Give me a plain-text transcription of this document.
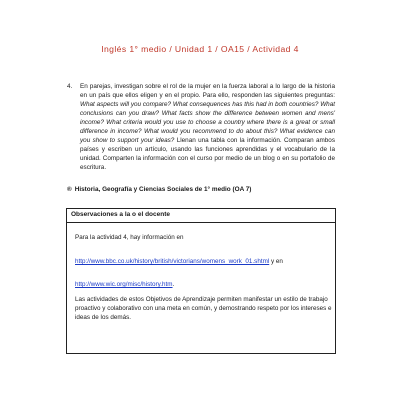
Inglés 1° medio / Unidad 1 / OA15 / Actividad 4
4. En parejas, investigan sobre el rol de la mujer en la fuerza laboral a lo largo de la historia en un país que ellos eligen y en el propio. Para ello, responden las siguientes preguntas: What aspects will you compare? What consequences has this had in both countries? What conclusions can you draw? What facts show the difference between women and mens' income? What criteria would you use to choose a country where there is a great or small difference in income? What would you recommend to do about this? What evidence can you show to support your ideas? Llenan una tabla con la información. Comparan ambos países y escriben un artículo, usando las funciones aprendidas y el vocabulario de la unidad. Comparten la información con el curso por medio de un blog o en su portafolio de escritura.
® Historia, Geografía y Ciencias Sociales de 1° medio (OA 7)
Observaciones a la o el docente
Para la actividad 4, hay información en
http://www.bbc.co.uk/history/british/victorians/womens_work_01.shtml y en
http://www.wic.org/misc/history.htm.
Las actividades de estos Objetivos de Aprendizaje permiten manifestar un estilo de trabajo proactivo y colaborativo con una meta en común, y demostrando respeto por los intereses e ideas de los demás.
